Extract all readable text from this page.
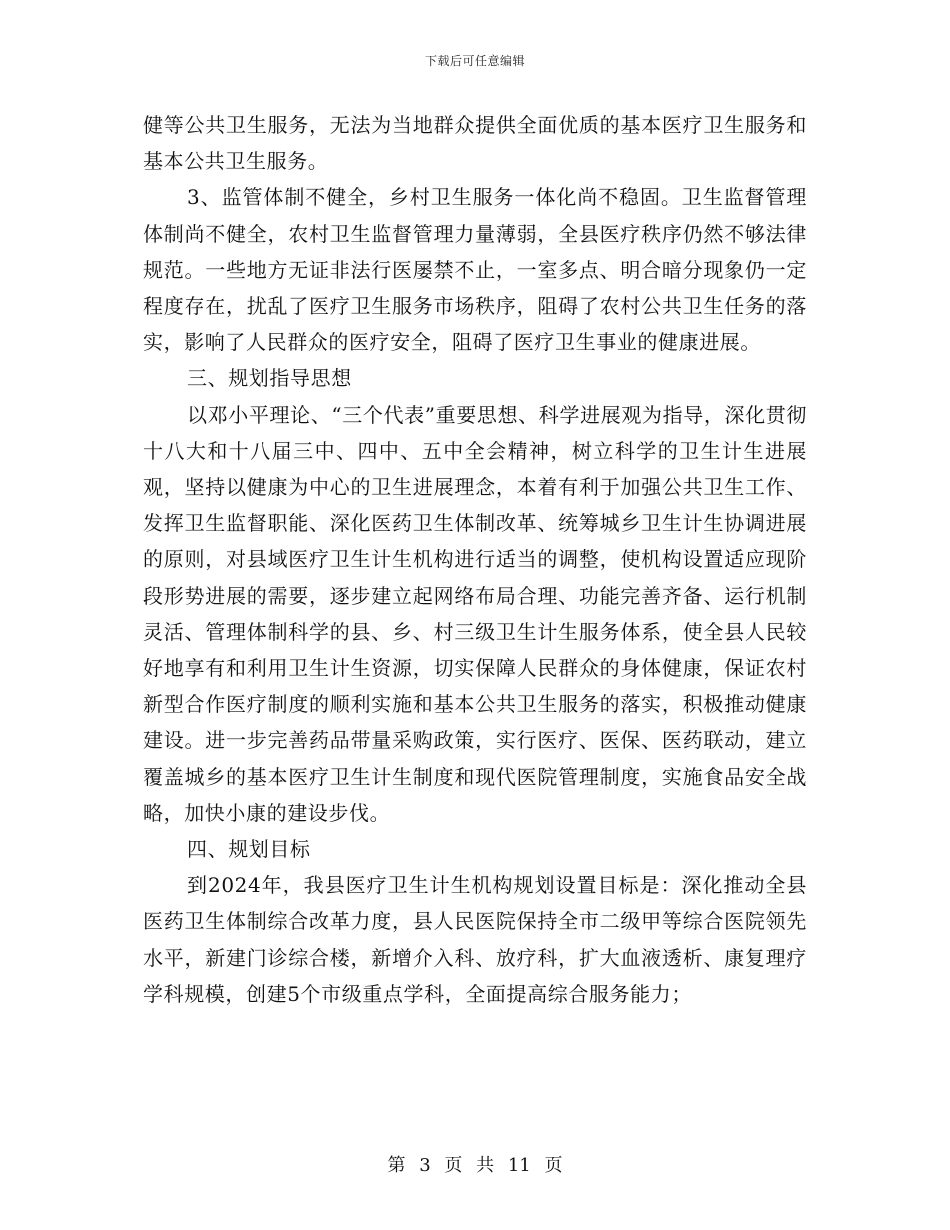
下载后可任意编辑

健等公共卫生服务，无法为当地群众提供全面优质的基本医疗卫生服务和基本公共卫生服务。

3、监管体制不健全，乡村卫生服务一体化尚不稳固。卫生监督管理体制尚不健全，农村卫生监督管理力量薄弱，全县医疗秩序仍然不够法律规范。一些地方无证非法行医屡禁不止，一室多点、明合暗分现象仍一定程度存在，扰乱了医疗卫生服务市场秩序，阻碍了农村公共卫生任务的落实，影响了人民群众的医疗安全，阻碍了医疗卫生事业的健康进展。

三、规划指导思想

以邓小平理论、“三个代表”重要思想、科学进展观为指导，深化贯彻十八大和十八届三中、四中、五中全会精神，树立科学的卫生计生进展观，坚持以健康为中心的卫生进展理念，本着有利于加强公共卫生工作、发挥卫生监督职能、深化医药卫生体制改革、统筹城乡卫生计生协调进展的原则，对县域医疗卫生计生机构进行适当的调整，使机构设置适应现阶段形势进展的需要，逐步建立起网络布局合理、功能完善齐备、运行机制灵活、管理体制科学的县、乡、村三级卫生计生服务体系，使全县人民较好地享有和利用卫生计生资源，切实保障人民群众的身体健康，保证农村新型合作医疗制度的顺利实施和基本公共卫生服务的落实，积极推动健康建设。进一步完善药品带量采购政策，实行医疗、医保、医药联动，建立覆盖城乡的基本医疗卫生计生制度和现代医院管理制度，实施食品安全战略，加快小康的建设步伐。

四、规划目标

到2024年，我县医疗卫生计生机构规划设置目标是：深化推动全县医药卫生体制综合改革力度，县人民医院保持全市二级甲等综合医院领先水平，新建门诊综合楼，新增介入科、放疗科，扩大血液透析、康复理疗学科规模，创建5个市级重点学科，全面提高综合服务能力；

第 3 页 共 11 页
